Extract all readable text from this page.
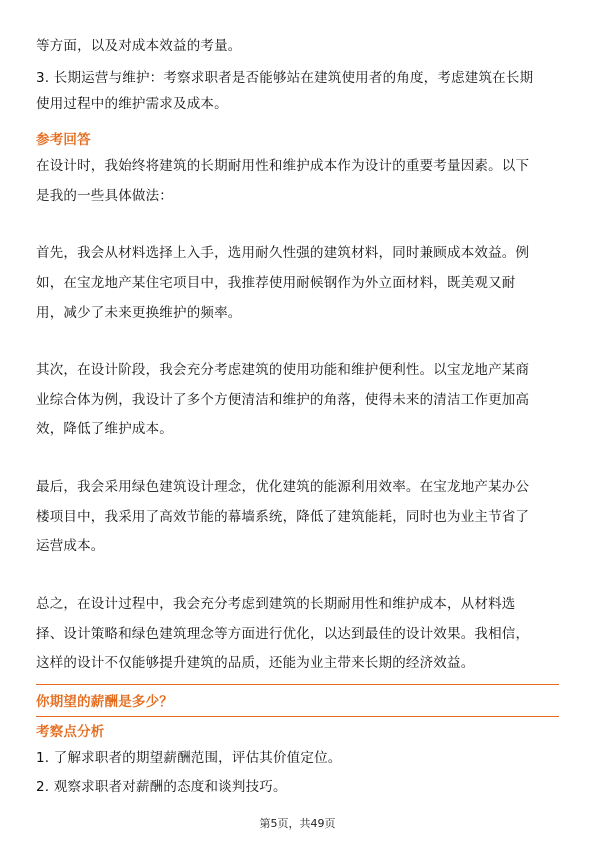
等方面，以及对成本效益的考量。
3. 长期运营与维护：考察求职者是否能够站在建筑使用者的角度，考虑建筑在长期
使用过程中的维护需求及成本。
参考回答
在设计时，我始终将建筑的长期耐用性和维护成本作为设计的重要考量因素。以下
是我的一些具体做法：
首先，我会从材料选择上入手，选用耐久性强的建筑材料，同时兼顾成本效益。例
如，在宝龙地产某住宅项目中，我推荐使用耐候钢作为外立面材料，既美观又耐
用，减少了未来更换维护的频率。
其次，在设计阶段，我会充分考虑建筑的使用功能和维护便利性。以宝龙地产某商
业综合体为例，我设计了多个方便清洁和维护的角落，使得未来的清洁工作更加高
效，降低了维护成本。
最后，我会采用绿色建筑设计理念，优化建筑的能源利用效率。在宝龙地产某办公
楼项目中，我采用了高效节能的幕墙系统，降低了建筑能耗，同时也为业主节省了
运营成本。
总之，在设计过程中，我会充分考虑到建筑的长期耐用性和维护成本，从材料选
择、设计策略和绿色建筑理念等方面进行优化，以达到最佳的设计效果。我相信，
这样的设计不仅能够提升建筑的品质，还能为业主带来长期的经济效益。
你期望的薪酬是多少？
考察点分析
1. 了解求职者的期望薪酬范围，评估其价值定位。
2. 观察求职者对薪酬的态度和谈判技巧。
第5页，共49页
